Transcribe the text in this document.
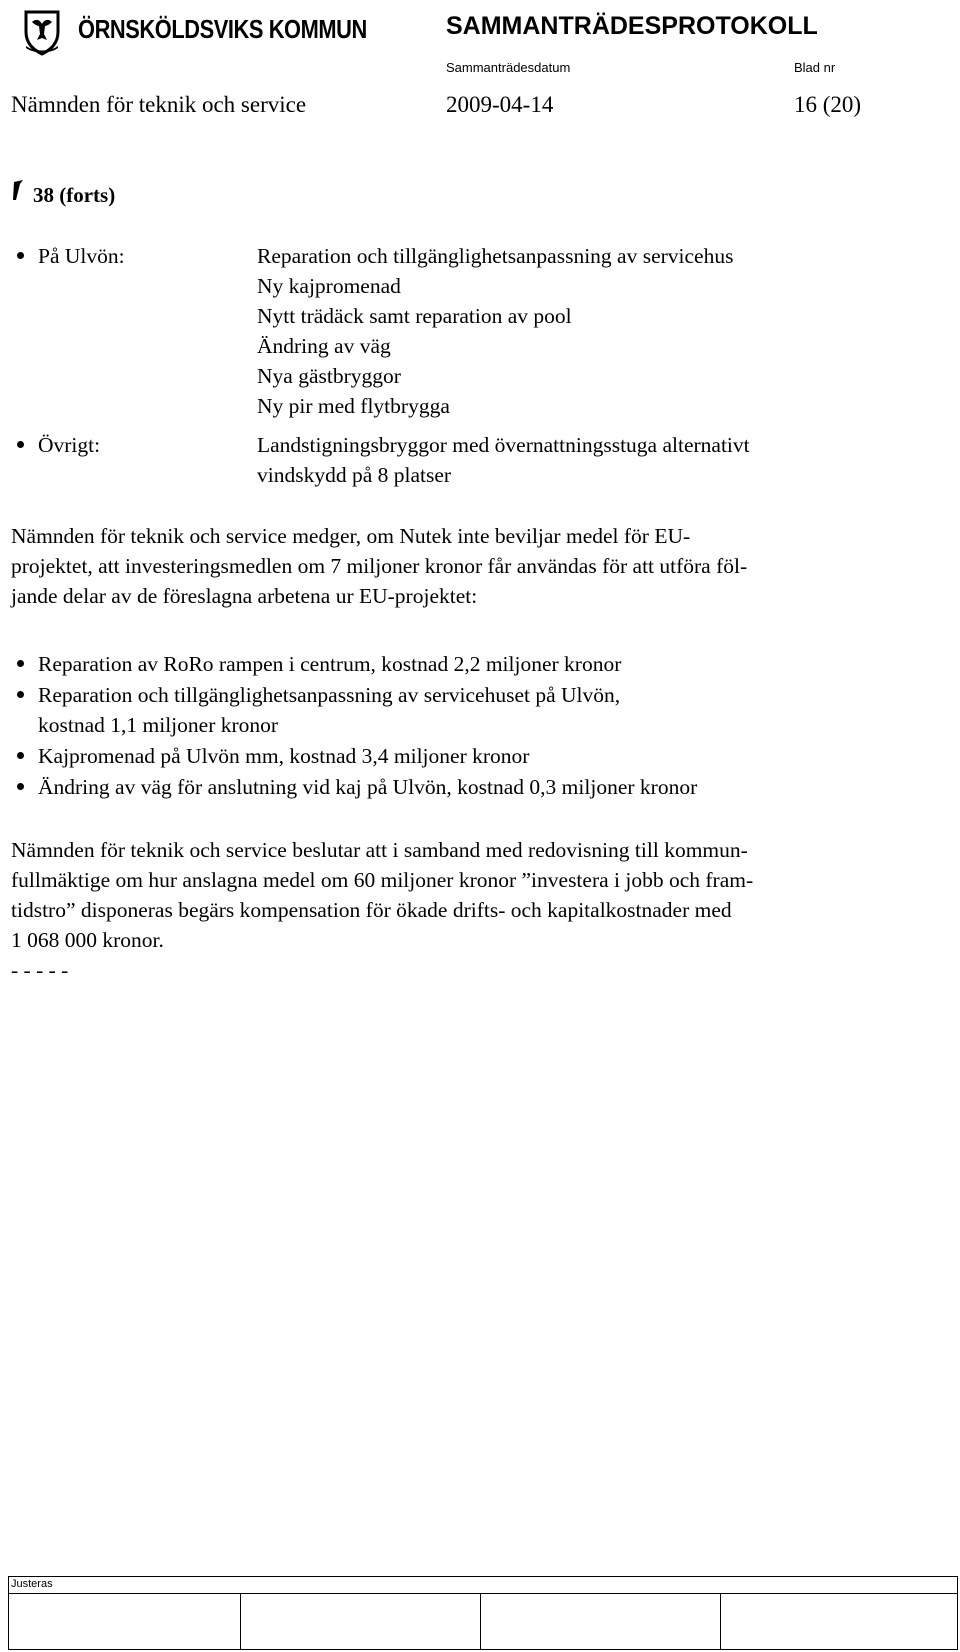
ÖRNSKÖLDSVIKS KOMMUN	SAMMANTRÄDESPROTOKOLL
Sammanträdesdatum	Blad nr
Nämnden för teknik och service	2009-04-14	16 (20)
38 (forts)
På Ulvön:	Reparation och tillgänglighetsanpassning av servicehus
Ny kajpromenad
Nytt trädäck samt reparation av pool
Ändring av väg
Nya gästbryggor
Ny pir med flytbrygga
Övrigt:	Landstigningsbryggor med övernattningsstuga alternativt
vindskydd på 8 platser
Nämnden för teknik och service medger, om Nutek inte beviljar medel för EU-
projektet, att investeringsmedlen om 7 miljoner kronor får användas för att utföra föl-
jande delar av de föreslagna arbetena ur EU-projektet:
Reparation av RoRo rampen i centrum, kostnad 2,2 miljoner kronor
Reparation och tillgänglighetsanpassning av servicehuset på Ulvön,
kostnad 1,1 miljoner kronor
Kajpromenad på Ulvön mm, kostnad 3,4 miljoner kronor
Ändring av väg för anslutning vid kaj på Ulvön, kostnad 0,3 miljoner kronor
Nämnden för teknik och service beslutar att i samband med redovisning till kommun-
fullmäktige om hur anslagna medel om 60 miljoner kronor ”investera i jobb och fram-
tidstro” disponeras begärs kompensation för ökade drifts- och kapitalkostnader med
1 068 000 kronor.
- - - - -
Justeras
